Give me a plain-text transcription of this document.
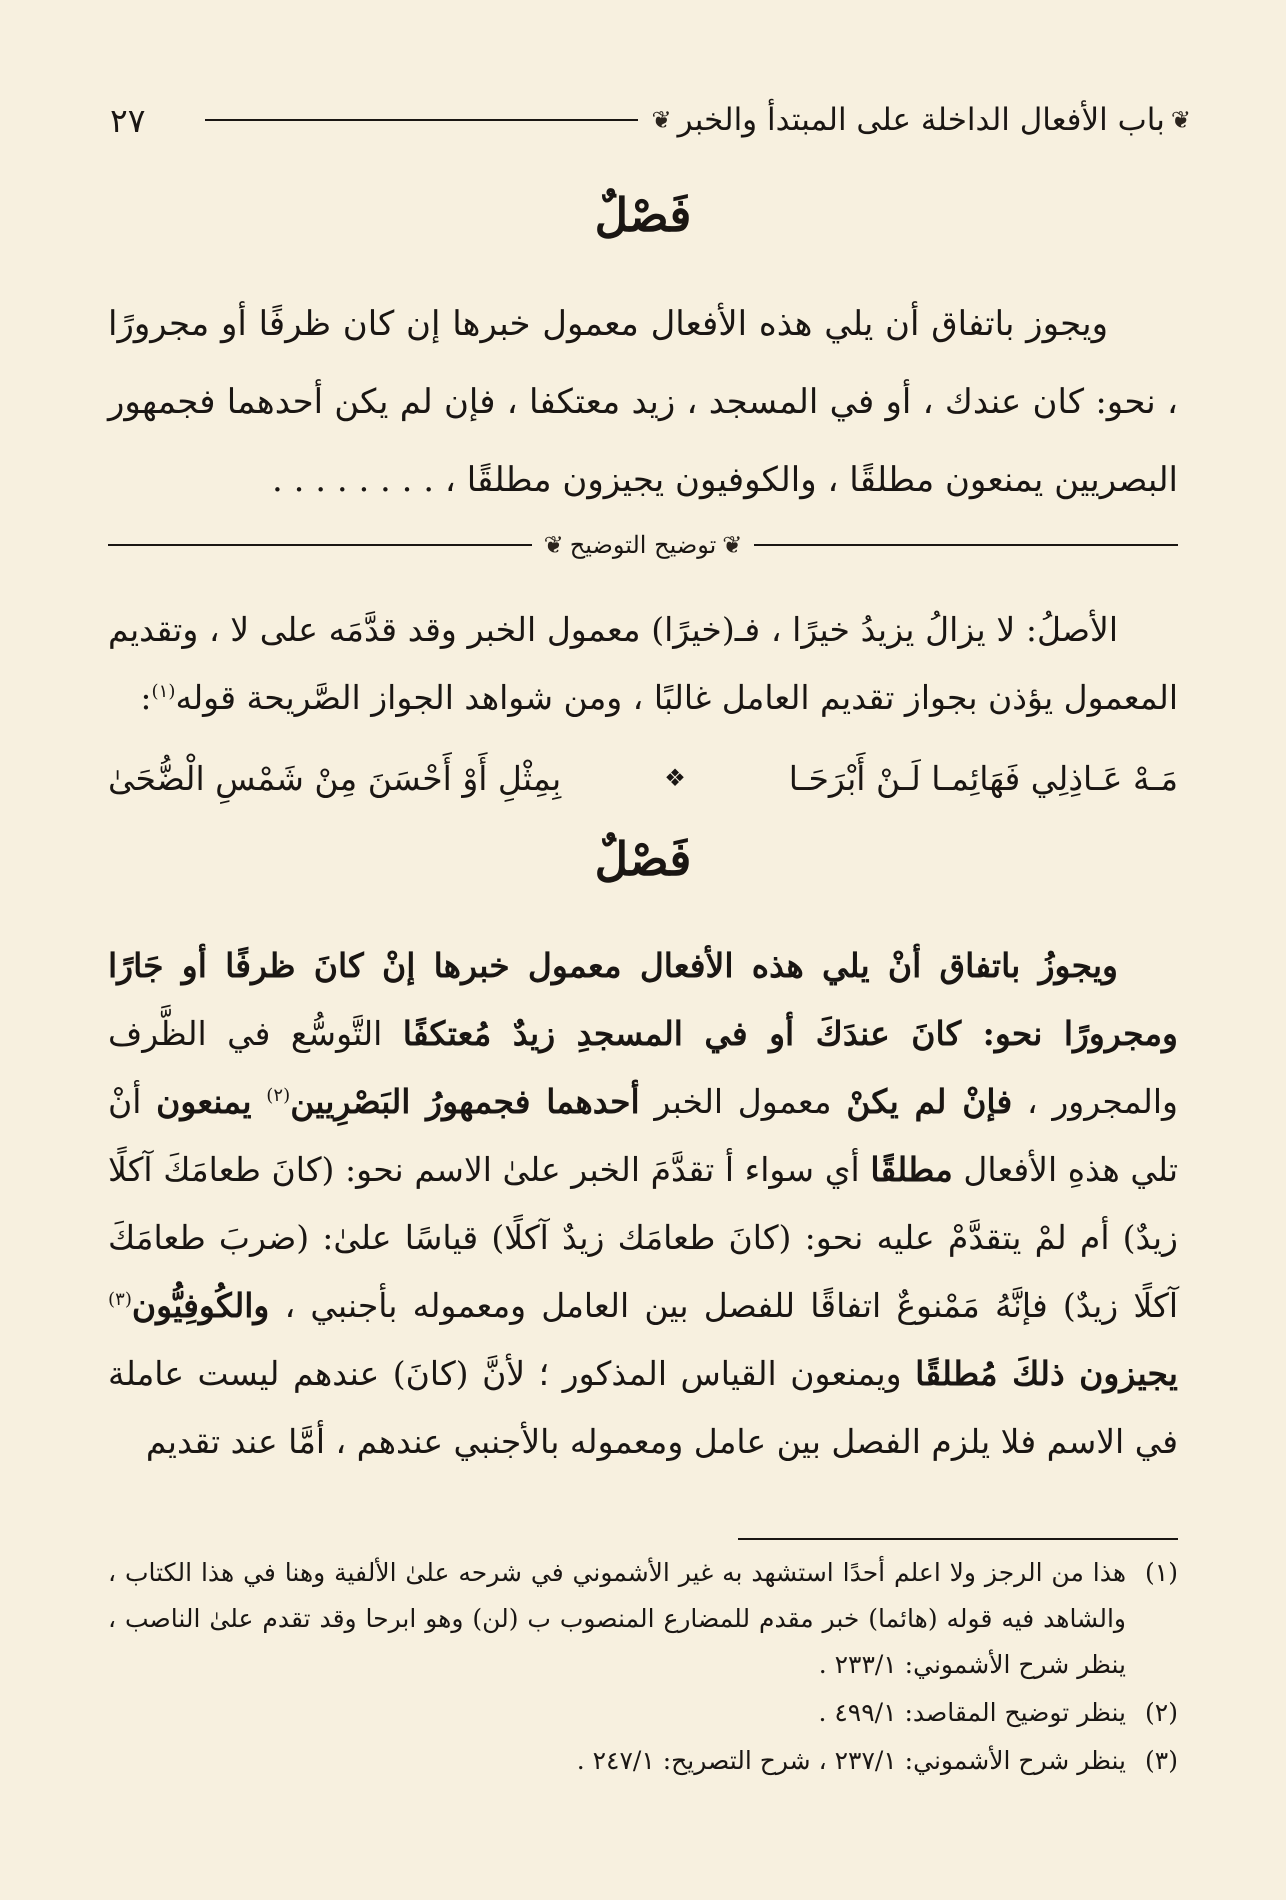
❦
باب الأفعال الداخلة على المبتدأ والخبر
❦
٢٧
فَصْلٌ

ويجوز باتفاق أن يلي هذه الأفعال معمول خبرها إن كان ظرفًا أو مجرورًا ، نحو: كان عندك ، أو في المسجد ، زيد معتكفا ، فإن لم يكن أحدهما فجمهور البصريين يمنعون مطلقًا ، والكوفيون يجيزون مطلقًا ، . . . . . . . .

❦
توضيح التوضيح
❦

الأصلُ: لا يزالُ يزيدُ خيرًا ، فـ(خيرًا) معمول الخبر وقد قدَّمَه على لا ، وتقديم المعمول يؤذن بجواز تقديم العامل غالبًا ، ومن شواهد الجواز الصَّريحة قوله$^{(١)}$:

مَـهْ عَـاذِلِي فَهَائِمـا لَـنْ أَبْرَحَـا
❖
بِمِثْلِ أَوْ أَحْسَنَ مِنْ شَمْسِ الْضُّحَىٰ
فَصْلٌ

ويجوزُ باتفاق أنْ يلي هذه الأفعال معمول خبرها إنْ كانَ ظرفًا أو جَارًا ومجرورًا نحو: كانَ عندَكَ أو في المسجدِ زيدٌ مُعتكفًا التَّوسُّع في الظَّرف والمجرور ، فإنْ لم يكنْ معمول الخبر أحدهما فجمهورُ البَصْرِيين$^{(٢)}$ يمنعون أنْ تلي هذهِ الأفعال مطلقًا أي سواء أ تقدَّمَ الخبر علىٰ الاسم نحو: (كانَ طعامَكَ آكلًا زيدٌ) أم لمْ يتقدَّمْ عليه نحو: (كانَ طعامَك زيدٌ آكلًا) قياسًا علىٰ: (ضربَ طعامَكَ آكلًا زيدٌ) فإنَّهُ مَمْنوعٌ اتفاقًا للفصل بين العامل ومعموله بأجنبي ، والكُوفِيُّون$^{(٣)}$ يجيزون ذلكَ مُطلقًا ويمنعون القياس المذكور ؛ لأنَّ (كانَ) عندهم ليست عاملة في الاسم فلا يلزم الفصل بين عامل ومعموله بالأجنبي عندهم ، أمَّا عند تقديم

(١)
هذا من الرجز ولا اعلم أحدًا استشهد به غير الأشموني في شرحه علىٰ الألفية وهنا في هذا الكتاب ، والشاهد فيه قوله (هائما) خبر مقدم للمضارع المنصوب ب (لن) وهو ابرحا وقد تقدم علىٰ الناصب ، ينظر شرح الأشموني: ٢٣٣/١ .
(٢)
ينظر توضيح المقاصد: ٤٩٩/١ .
(٣)
ينظر شرح الأشموني: ٢٣٧/١ ، شرح التصريح: ٢٤٧/١ .
